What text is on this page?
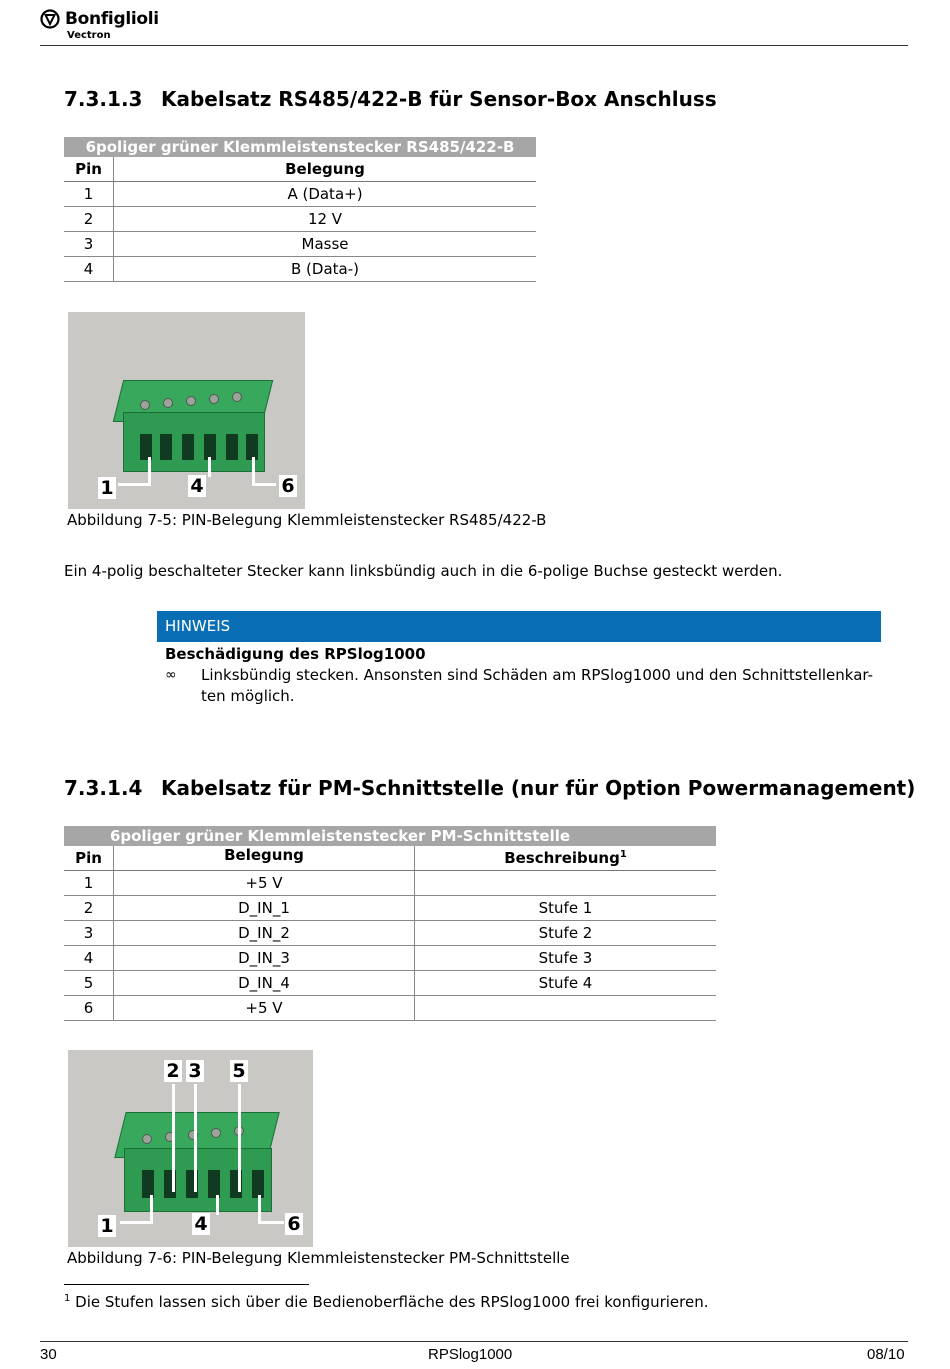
Bonfiglioli
Vectron
7.3.1.3 Kabelsatz RS485/422-B für Sensor-Box Anschluss
6poliger grüner Klemmleistenstecker RS485/422-B	
Pin	Belegung
1	A (Data+)
2	12 V
3	Masse
4	B (Data-)
1	4	6
Abbildung 7-5: PIN-Belegung Klemmleistenstecker RS485/422-B
Ein 4-polig beschalteter Stecker kann linksbündig auch in die 6-polige Buchse gesteckt werden.
HINWEIS
Beschädigung des RPSlog1000
∞ Linksbündig stecken. Ansonsten sind Schäden am RPSlog1000 und den Schnittstellenkar-
ten möglich.
7.3.1.4 Kabelsatz für PM-Schnittstelle (nur für Option Powermanagement)
6poliger grüner Klemmleistenstecker PM-Schnittstelle		
Pin	Belegung	Beschreibung$^1$
1	+5 V	
2	D_IN_1	Stufe 1
3	D_IN_2	Stufe 2
4	D_IN_3	Stufe 3
5	D_IN_4	Stufe 4
6	+5 V	
2 3 5
1	4	6
Abbildung 7-6: PIN-Belegung Klemmleistenstecker PM-Schnittstelle
$^1$ Die Stufen lassen sich über die Bedienoberfläche des RPSlog1000 frei konfigurieren.
30	RPSlog1000	08/10
